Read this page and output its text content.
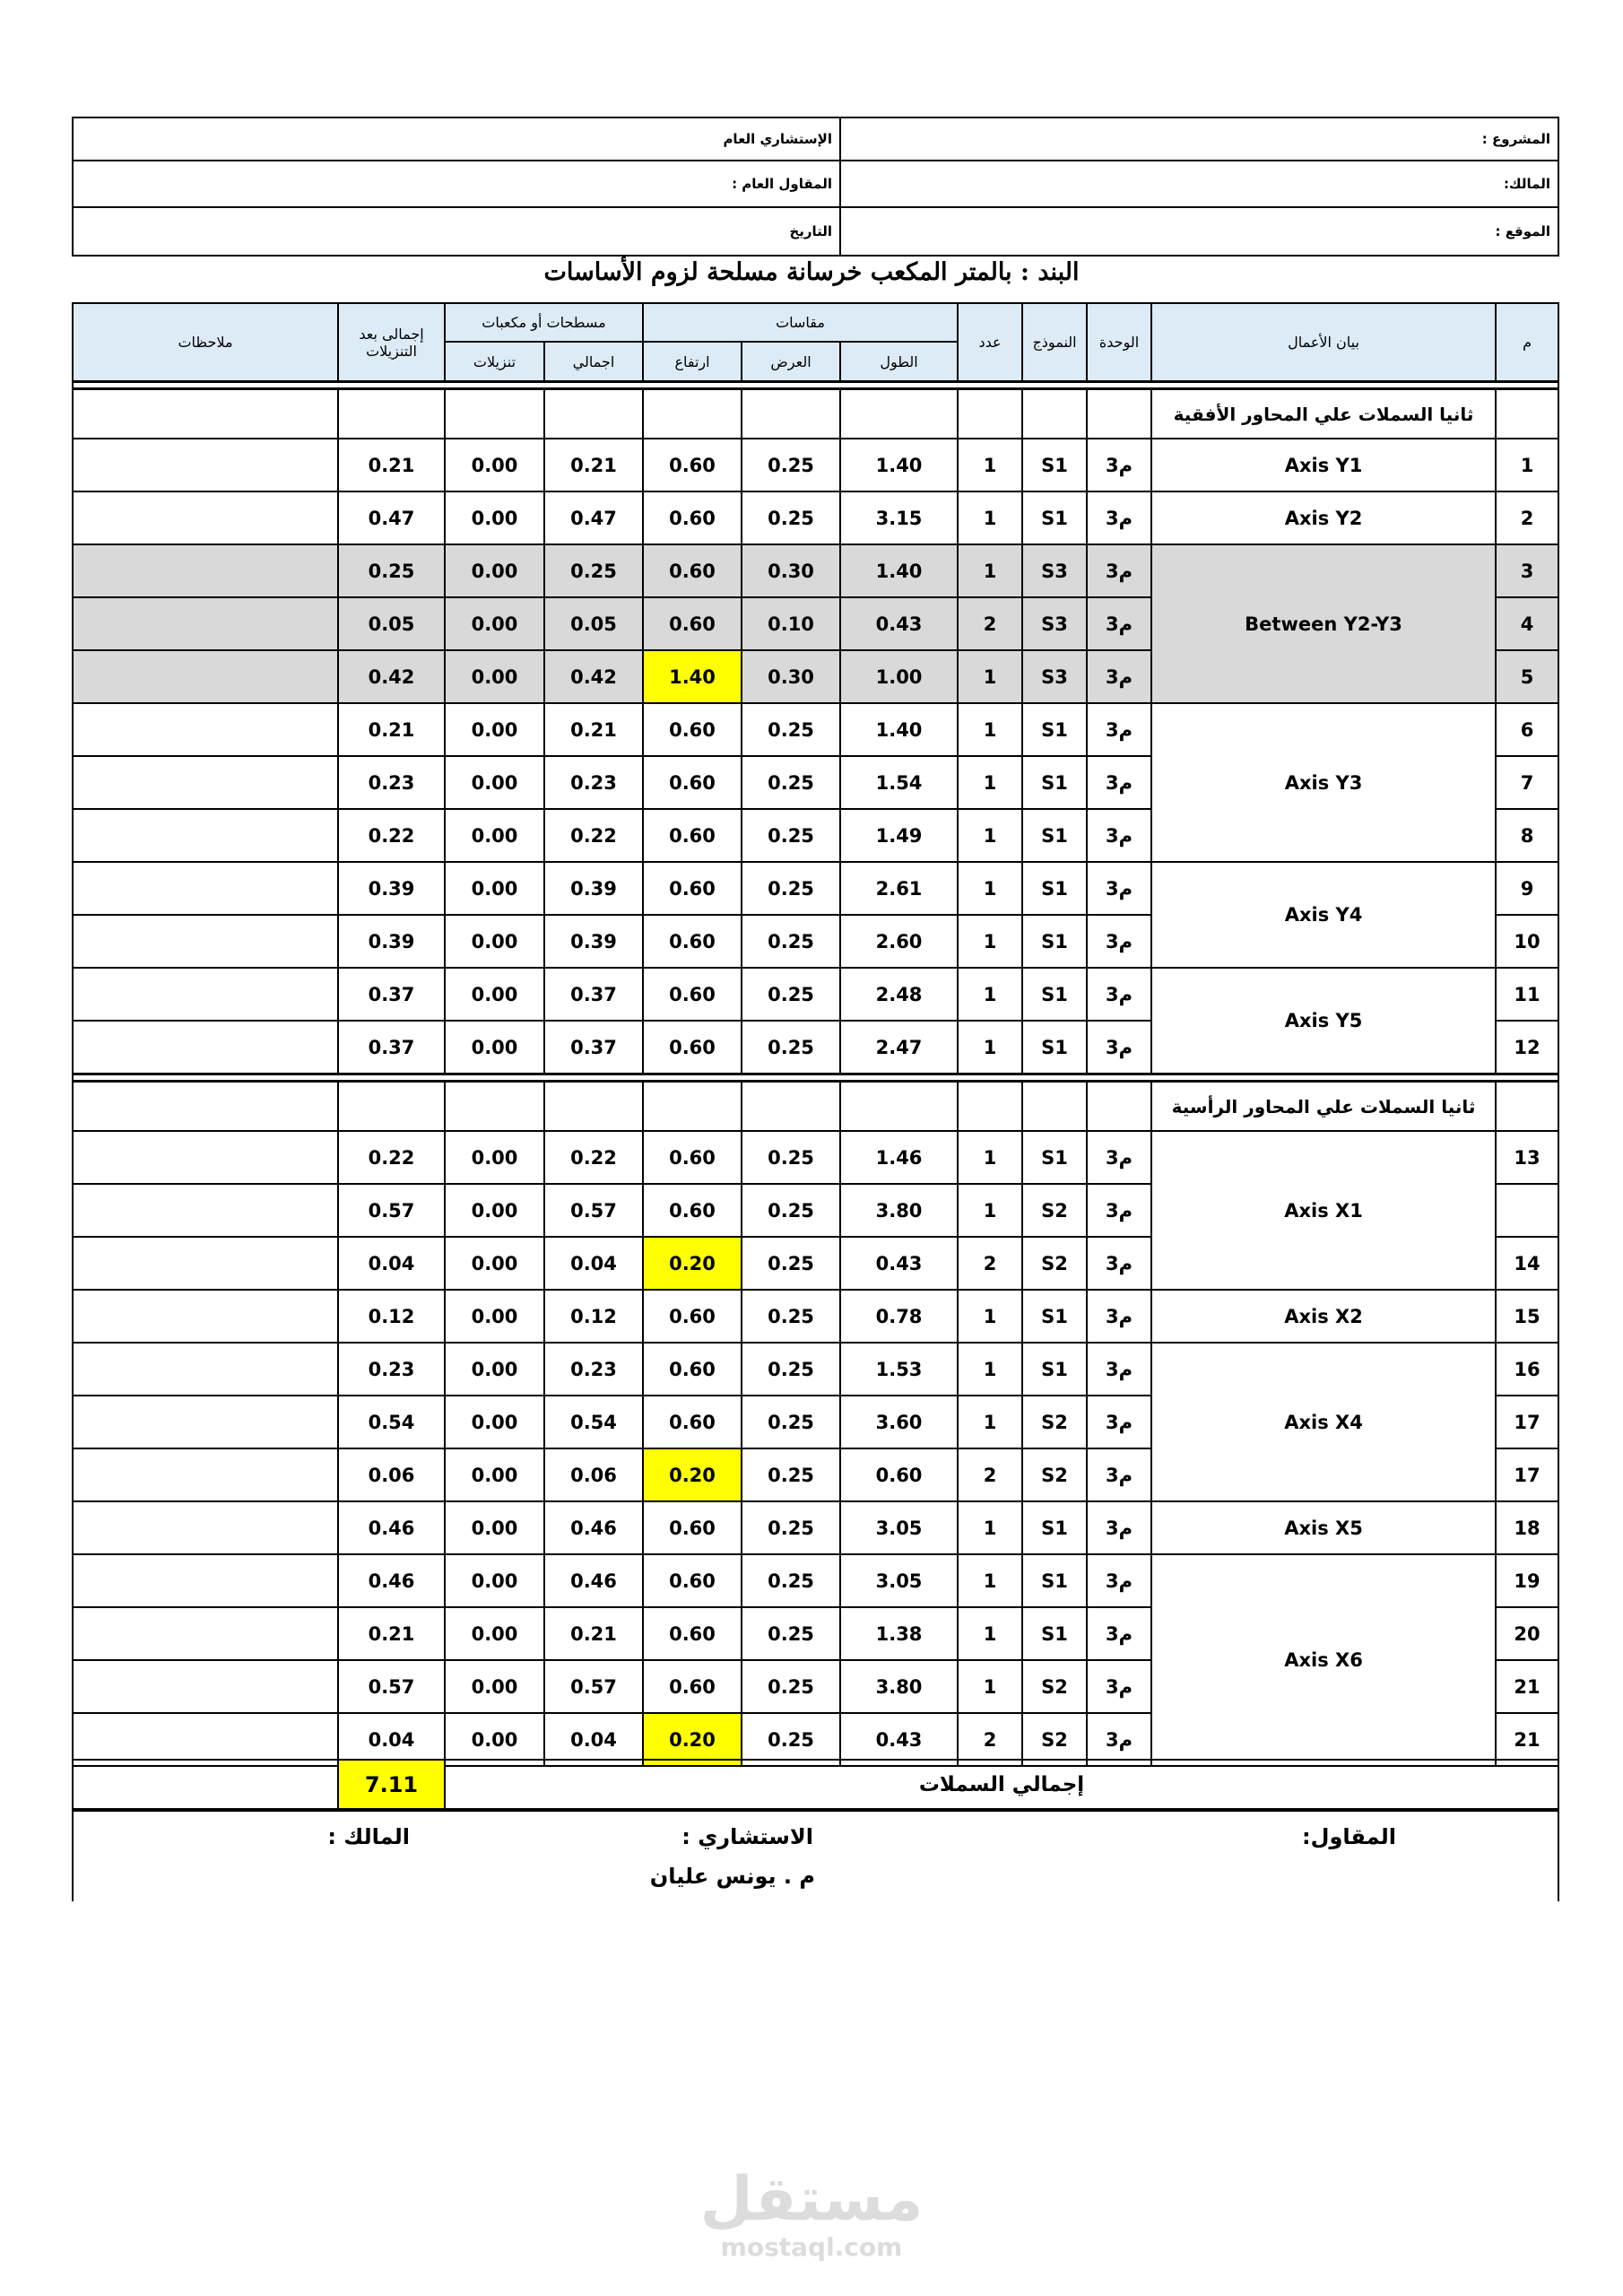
الإستشاري العام	المشروع :
المقاول العام :	المالك:
التاريخ	الموقع :
البند : بالمتر المكعب خرسانة مسلحة لزوم الأساسات
م	بيان الأعمال	الوحدة	النموذج	عدد	مقاسات			مسطحات أو مكعبات		إجمالى بعد التنزيلات	ملاحظات
					الطول	العرض	ارتفاع	اجمالي	تنزيلات		

	ثانيا السملات علي المحاور الأفقية										
1	Axis Y1	م3	S1	1	1.40	0.25	0.60	0.21	0.00	0.21	
2	Axis Y2	م3	S1	1	3.15	0.25	0.60	0.47	0.00	0.47	
3	Between Y2-Y3	م3	S3	1	1.40	0.30	0.60	0.25	0.00	0.25	
4		م3	S3	2	0.43	0.10	0.60	0.05	0.00	0.05	
5		م3	S3	1	1.00	0.30	1.40	0.42	0.00	0.42	
6	Axis Y3	م3	S1	1	1.40	0.25	0.60	0.21	0.00	0.21	
7		م3	S1	1	1.54	0.25	0.60	0.23	0.00	0.23	
8		م3	S1	1	1.49	0.25	0.60	0.22	0.00	0.22	
9	Axis Y4	م3	S1	1	2.61	0.25	0.60	0.39	0.00	0.39	
10		م3	S1	1	2.60	0.25	0.60	0.39	0.00	0.39	
11	Axis Y5	م3	S1	1	2.48	0.25	0.60	0.37	0.00	0.37	
12		م3	S1	1	2.47	0.25	0.60	0.37	0.00	0.37	

	ثانيا السملات علي المحاور الرأسية										
13	Axis X1	م3	S1	1	1.46	0.25	0.60	0.22	0.00	0.22	
		م3	S2	1	3.80	0.25	0.60	0.57	0.00	0.57	
14		م3	S2	2	0.43	0.25	0.20	0.04	0.00	0.04	
15	Axis X2	م3	S1	1	0.78	0.25	0.60	0.12	0.00	0.12	
16	Axis X4	م3	S1	1	1.53	0.25	0.60	0.23	0.00	0.23	
17		م3	S2	1	3.60	0.25	0.60	0.54	0.00	0.54	
17		م3	S2	2	0.60	0.25	0.20	0.06	0.00	0.06	
18	Axis X5	م3	S1	1	3.05	0.25	0.60	0.46	0.00	0.46	
19	Axis X6	م3	S1	1	3.05	0.25	0.60	0.46	0.00	0.46	
20		م3	S1	1	1.38	0.25	0.60	0.21	0.00	0.21	
21		م3	S2	1	3.80	0.25	0.60	0.57	0.00	0.57	
21		م3	S2	2	0.43	0.25	0.20	0.04	0.00	0.04	
إجمالي السملات	7.11	
المقاول:
الاستشاري :
المالك :
م . يونس عليان
مستقل
mostaql.com
